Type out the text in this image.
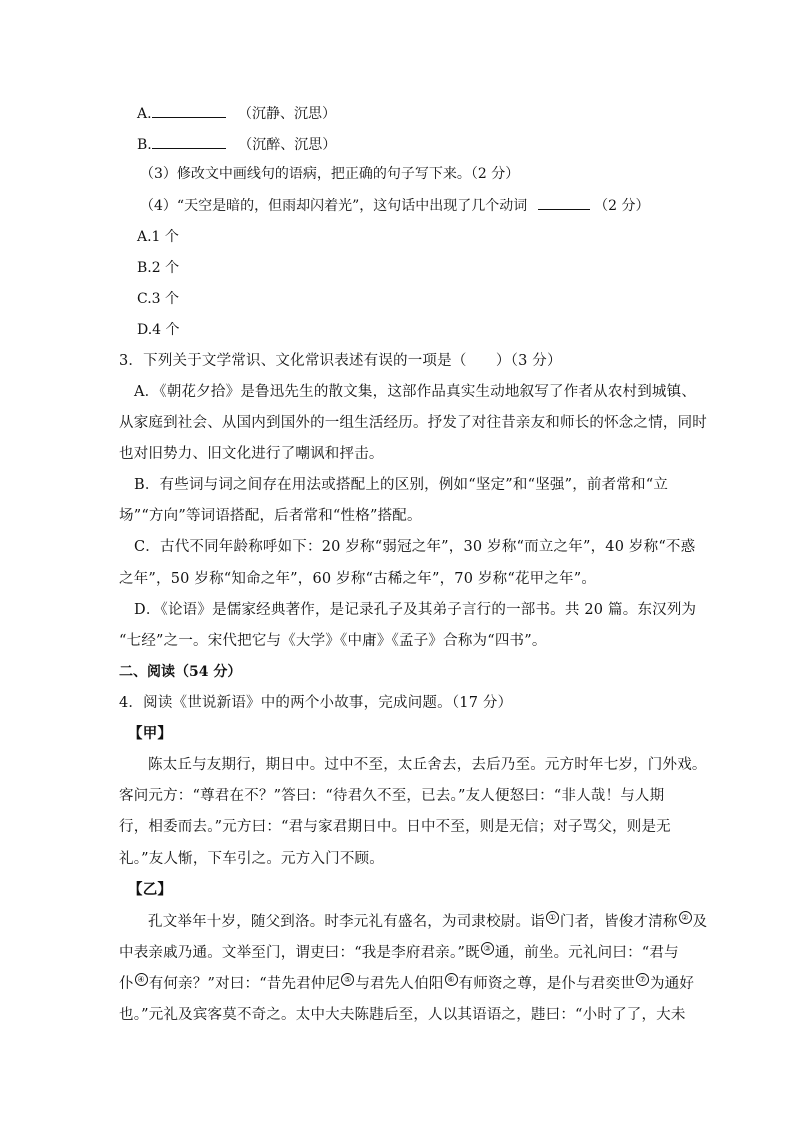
A.	（沉静、沉思）
B.	（沉醉、沉思）
（3）修改文中画线句的语病，把正确的句子写下来。（2 分）
（4）“天空是暗的，但雨却闪着光”，这句话中出现了几个动词	（2 分）
A.1 个
B.2 个
C.3 个
D.4 个
3．下列关于文学常识、文化常识表述有误的一项是（　　）（3 分）
A．《朝花夕拾》是鲁迅先生的散文集，这部作品真实生动地叙写了作者从农村到城镇、
从家庭到社会、从国内到国外的一组生活经历。抒发了对往昔亲友和师长的怀念之情，同时
也对旧势力、旧文化进行了嘲讽和抨击。
B．有些词与词之间存在用法或搭配上的区别，例如“坚定”和“坚强”，前者常和“立
场”“方向”等词语搭配，后者常和“性格”搭配。
C．古代不同年龄称呼如下：20 岁称“弱冠之年”，30 岁称“而立之年”，40 岁称“不惑
之年”，50 岁称“知命之年”，60 岁称“古稀之年”，70 岁称“花甲之年”。
D．《论语》是儒家经典著作，是记录孔子及其弟子言行的一部书。共 20 篇。东汉列为
“七经”之一。宋代把它与《大学》《中庸》《孟子》合称为“四书”。
二、阅读（54 分）
4．阅读《世说新语》中的两个小故事，完成问题。（17 分）
【甲】
陈太丘与友期行，期日中。过中不至，太丘舍去，去后乃至。元方时年七岁，门外戏。
客问元方：“尊君在不？”答曰：“待君久不至，已去。”友人便怒曰：“非人哉！与人期
行，相委而去。”元方曰：“君与家君期日中。日中不至，则是无信；对子骂父，则是无
礼。”友人惭，下车引之。元方入门不顾。
【乙】
孔文举年十岁，随父到洛。时李元礼有盛名，为司隶校尉。诣 ① 门者，皆俊才清称 ② 及
中表亲戚乃通。文举至门，谓吏曰：“我是李府君亲。”既 ③ 通，前坐。元礼问曰：“君与
仆 ④ 有何亲？”对曰：“昔先君仲尼 ⑤ 与君先人伯阳 ⑥ 有师资之尊，是仆与君奕世 ⑦ 为通好
也。”元礼及宾客莫不奇之。太中大夫陈韪后至，人以其语语之，韪曰：“小时了了，大未
